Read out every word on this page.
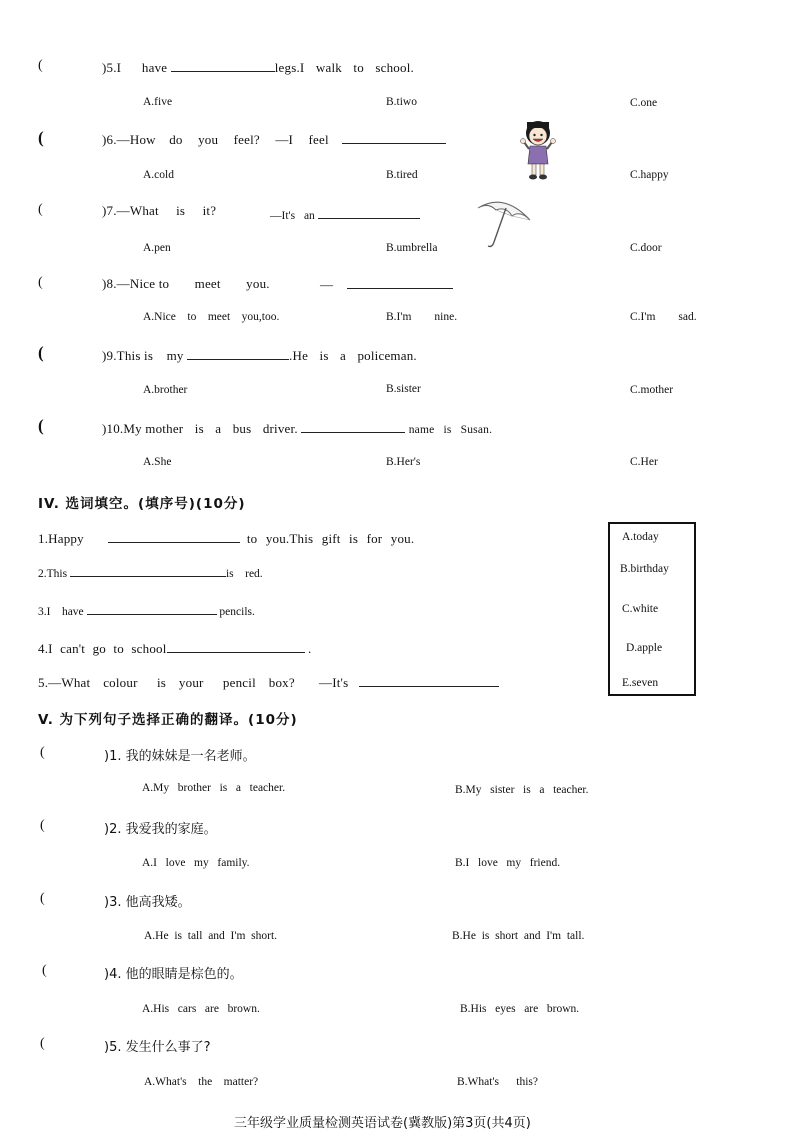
(	)5.I have	legs.I walk to school.
A.five	B.tiwo	C.one
(	)6.—How do you feel? —I feel
A.cold	B.tired	C.happy
(	)7.—What is it?	—It's an
A.pen	B.umbrella	C.door
(	)8.—Nice to meet you.	—
A.Nice    to    meet    you,too.	B.I'm        nine.	C.I'm        sad.
(	)9.This is my	.He is a policeman.
A.brother	B.sister	C.mother
(	)10.My mother is a bus driver.	name is Susan.
A.She	B.Her's	C.Her
IV. 选词填空。(填序号)(10分)
1.Happy	to you.This gift is for you.
2.This	is    red.
3.I    have	pencils.
4.I can't go to school	.
5.—What  colour   is  your   pencil  box? —It's
A.today
B.birthday
C.white
D.apple
E.seven
V. 为下列句子选择正确的翻译。(10分)
(	)1. 我的妹妹是一名老师。
A.My   brother   is   a   teacher.	B.My   sister   is   a   teacher.
(	)2. 我爱我的家庭。
A.I   love   my   family.	B.I   love   my   friend.
(	)3. 他高我矮。
A.He  is  tall  and  I'm  short.	B.He  is  short  and  I'm  tall.
(	)4. 他的眼睛是棕色的。
A.His   cars   are   brown.	B.His   eyes   are   brown.
(	)5. 发生什么事了?
A.What's    the    matter?	B.What's      this?
三年级学业质量检测英语试卷(冀教版)第3页(共4页)
